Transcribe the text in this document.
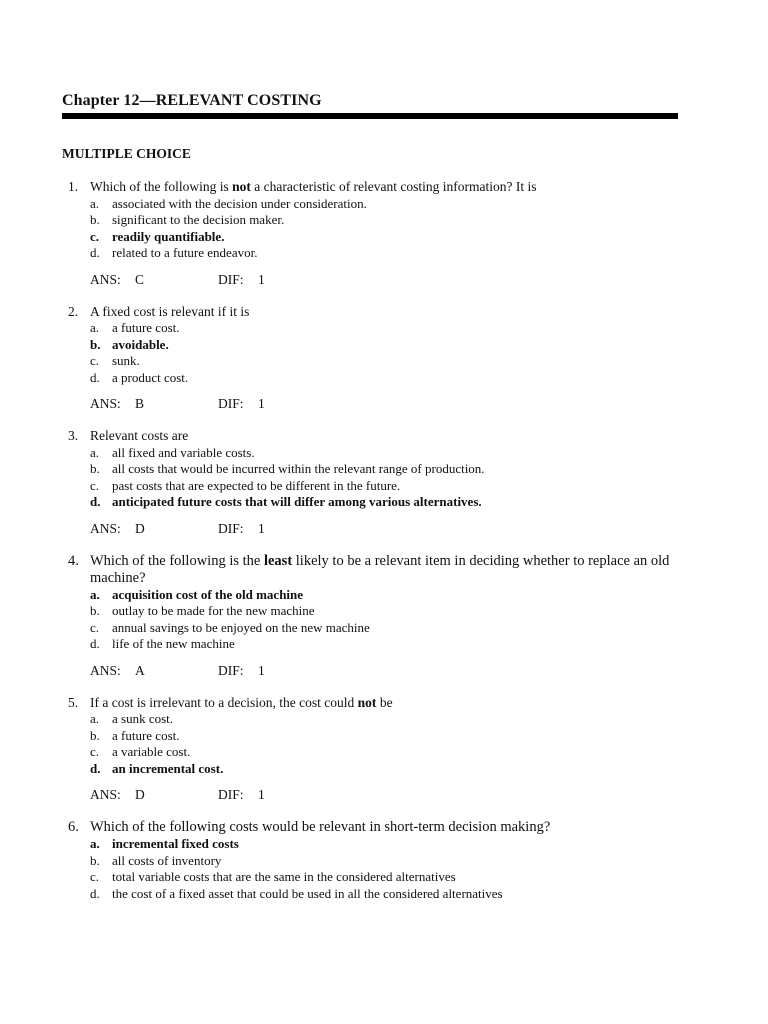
Chapter 12—RELEVANT COSTING
MULTIPLE CHOICE
1. Which of the following is not a characteristic of relevant costing information? It is
a. associated with the decision under consideration.
b. significant to the decision maker.
c. readily quantifiable.
d. related to a future endeavor.
ANS: C	DIF: 1
2. A fixed cost is relevant if it is
a. a future cost.
b. avoidable.
c. sunk.
d. a product cost.
ANS: B	DIF: 1
3. Relevant costs are
a. all fixed and variable costs.
b. all costs that would be incurred within the relevant range of production.
c. past costs that are expected to be different in the future.
d. anticipated future costs that will differ among various alternatives.
ANS: D	DIF: 1
4. Which of the following is the least likely to be a relevant item in deciding whether to replace an old machine?
a. acquisition cost of the old machine
b. outlay to be made for the new machine
c. annual savings to be enjoyed on the new machine
d. life of the new machine
ANS: A	DIF: 1
5. If a cost is irrelevant to a decision, the cost could not be
a. a sunk cost.
b. a future cost.
c. a variable cost.
d. an incremental cost.
ANS: D	DIF: 1
6. Which of the following costs would be relevant in short-term decision making?
a. incremental fixed costs
b. all costs of inventory
c. total variable costs that are the same in the considered alternatives
d. the cost of a fixed asset that could be used in all the considered alternatives
